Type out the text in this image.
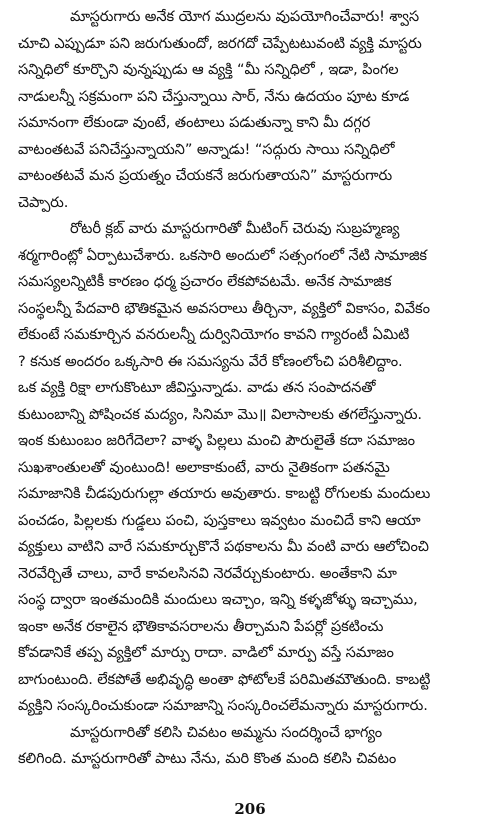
మాస్టరుగారు అనేక యోగ ముద్రలను వుపయోగించేవారు! శ్వాస
చూచి ఎప్పుడూ పని జరుగుతుందో, జరగదో చెప్పేటటువంటి వ్యక్తి మాస్టరు
సన్నిధిలో కూర్చొని వున్నప్పుడు ఆ వ్యక్తి “మీ సన్నిధిలో , ఇడా, పింగల
నాడులన్నీ సక్రమంగా పని చేస్తున్నాయి సార్, నేను ఉదయం పూట కూడ
సమానంగా లేకుండా వుంటే, తంటాలు పడుతున్నా కాని మీ దగ్గర
వాటంతటవే పనిచేస్తున్నాయని” అన్నాడు! “సద్గురు సాయి సన్నిధిలో
వాటంతటవే మన ప్రయత్నం చేయకనే జరుగుతాయని” మాస్టరుగారు
చెప్పారు.
రోటరీ క్లబ్ వారు మాస్టరుగారితో మీటింగ్ చెరువు సుబ్రహ్మణ్య
శర్మగారింట్లో ఏర్పాటుచేశారు. ఒకసారి అందులో సత్సంగంలో నేటి సామాజిక
సమస్యలన్నిటికీ కారణం ధర్మ ప్రచారం లేకపోవటమే. అనేక సామాజిక
సంస్థలన్నీ పేదవారి భౌతికమైన అవసరాలు తీర్చినా, వ్యక్తిలో వికాసం, వివేకం
లేకుంటే సమకూర్చిన వనరులన్నీ దుర్వినియోగం కావని గ్యారంటీ ఏమిటి
? కనుక అందరం ఒక్కసారి ఈ సమస్యను వేరే కోణంలోంచి పరిశీలిద్దాం.
ఒక వ్యక్తి రిక్షా లాగుకొంటూ జీవిస్తున్నాడు. వాడు తన సంపాదనతో
కుటుంబాన్ని పోషించక మద్యం, సినిమా మొ॥ విలాసాలకు తగలేస్తున్నారు.
ఇంక కుటుంబం జరిగేదెలా? వాళ్ళ పిల్లలు మంచి పౌరులైతే కదా సమాజం
సుఖశాంతులతో వుంటుంది! అలాకాకుంటే, వారు నైతికంగా పతనమై
సమాజానికి చీడపురుగుల్లా తయారు అవుతారు. కాబట్టి రోగులకు మందులు
పంచడం, పిల్లలకు గుడ్డలు పంచి, పుస్తకాలు ఇవ్వటం మంచిదే కాని ఆయా
వ్యక్తులు వాటిని వారే సమకూర్చుకొనే పథకాలను మీ వంటి వారు ఆలోచించి
నెరవేర్చితే చాలు, వారే కావలసినవి నెరవేర్చుకుంటారు. అంతేకాని మా
సంస్థ ద్వారా ఇంతమందికి మందులు ఇచ్చాం, ఇన్ని కళ్ళజోళ్ళు ఇచ్చాము,
ఇంకా అనేక రకాలైన భౌతికావసరాలను తీర్చామని పేపర్లో ప్రకటించు
కోవడానికే తప్ప వ్యక్తిలో మార్పు రాదా. వాడిలో మార్పు వస్తే సమాజం
బాగుంటుంది. లేకపోతే అభివృద్ధి అంతా ఫోటోలకే పరిమితమౌతుంది. కాబట్టి
వ్యక్తిని సంస్కరించుకుండా సమాజాన్ని సంస్కరించలేమన్నారు మాస్టరుగారు.
మాస్టరుగారితో కలిసి చివటం అమ్మను సందర్శించే భాగ్యం
కలిగింది. మాస్టరుగారితో పాటు నేను, మరి కొంత మంది కలిసి చివటం
206
